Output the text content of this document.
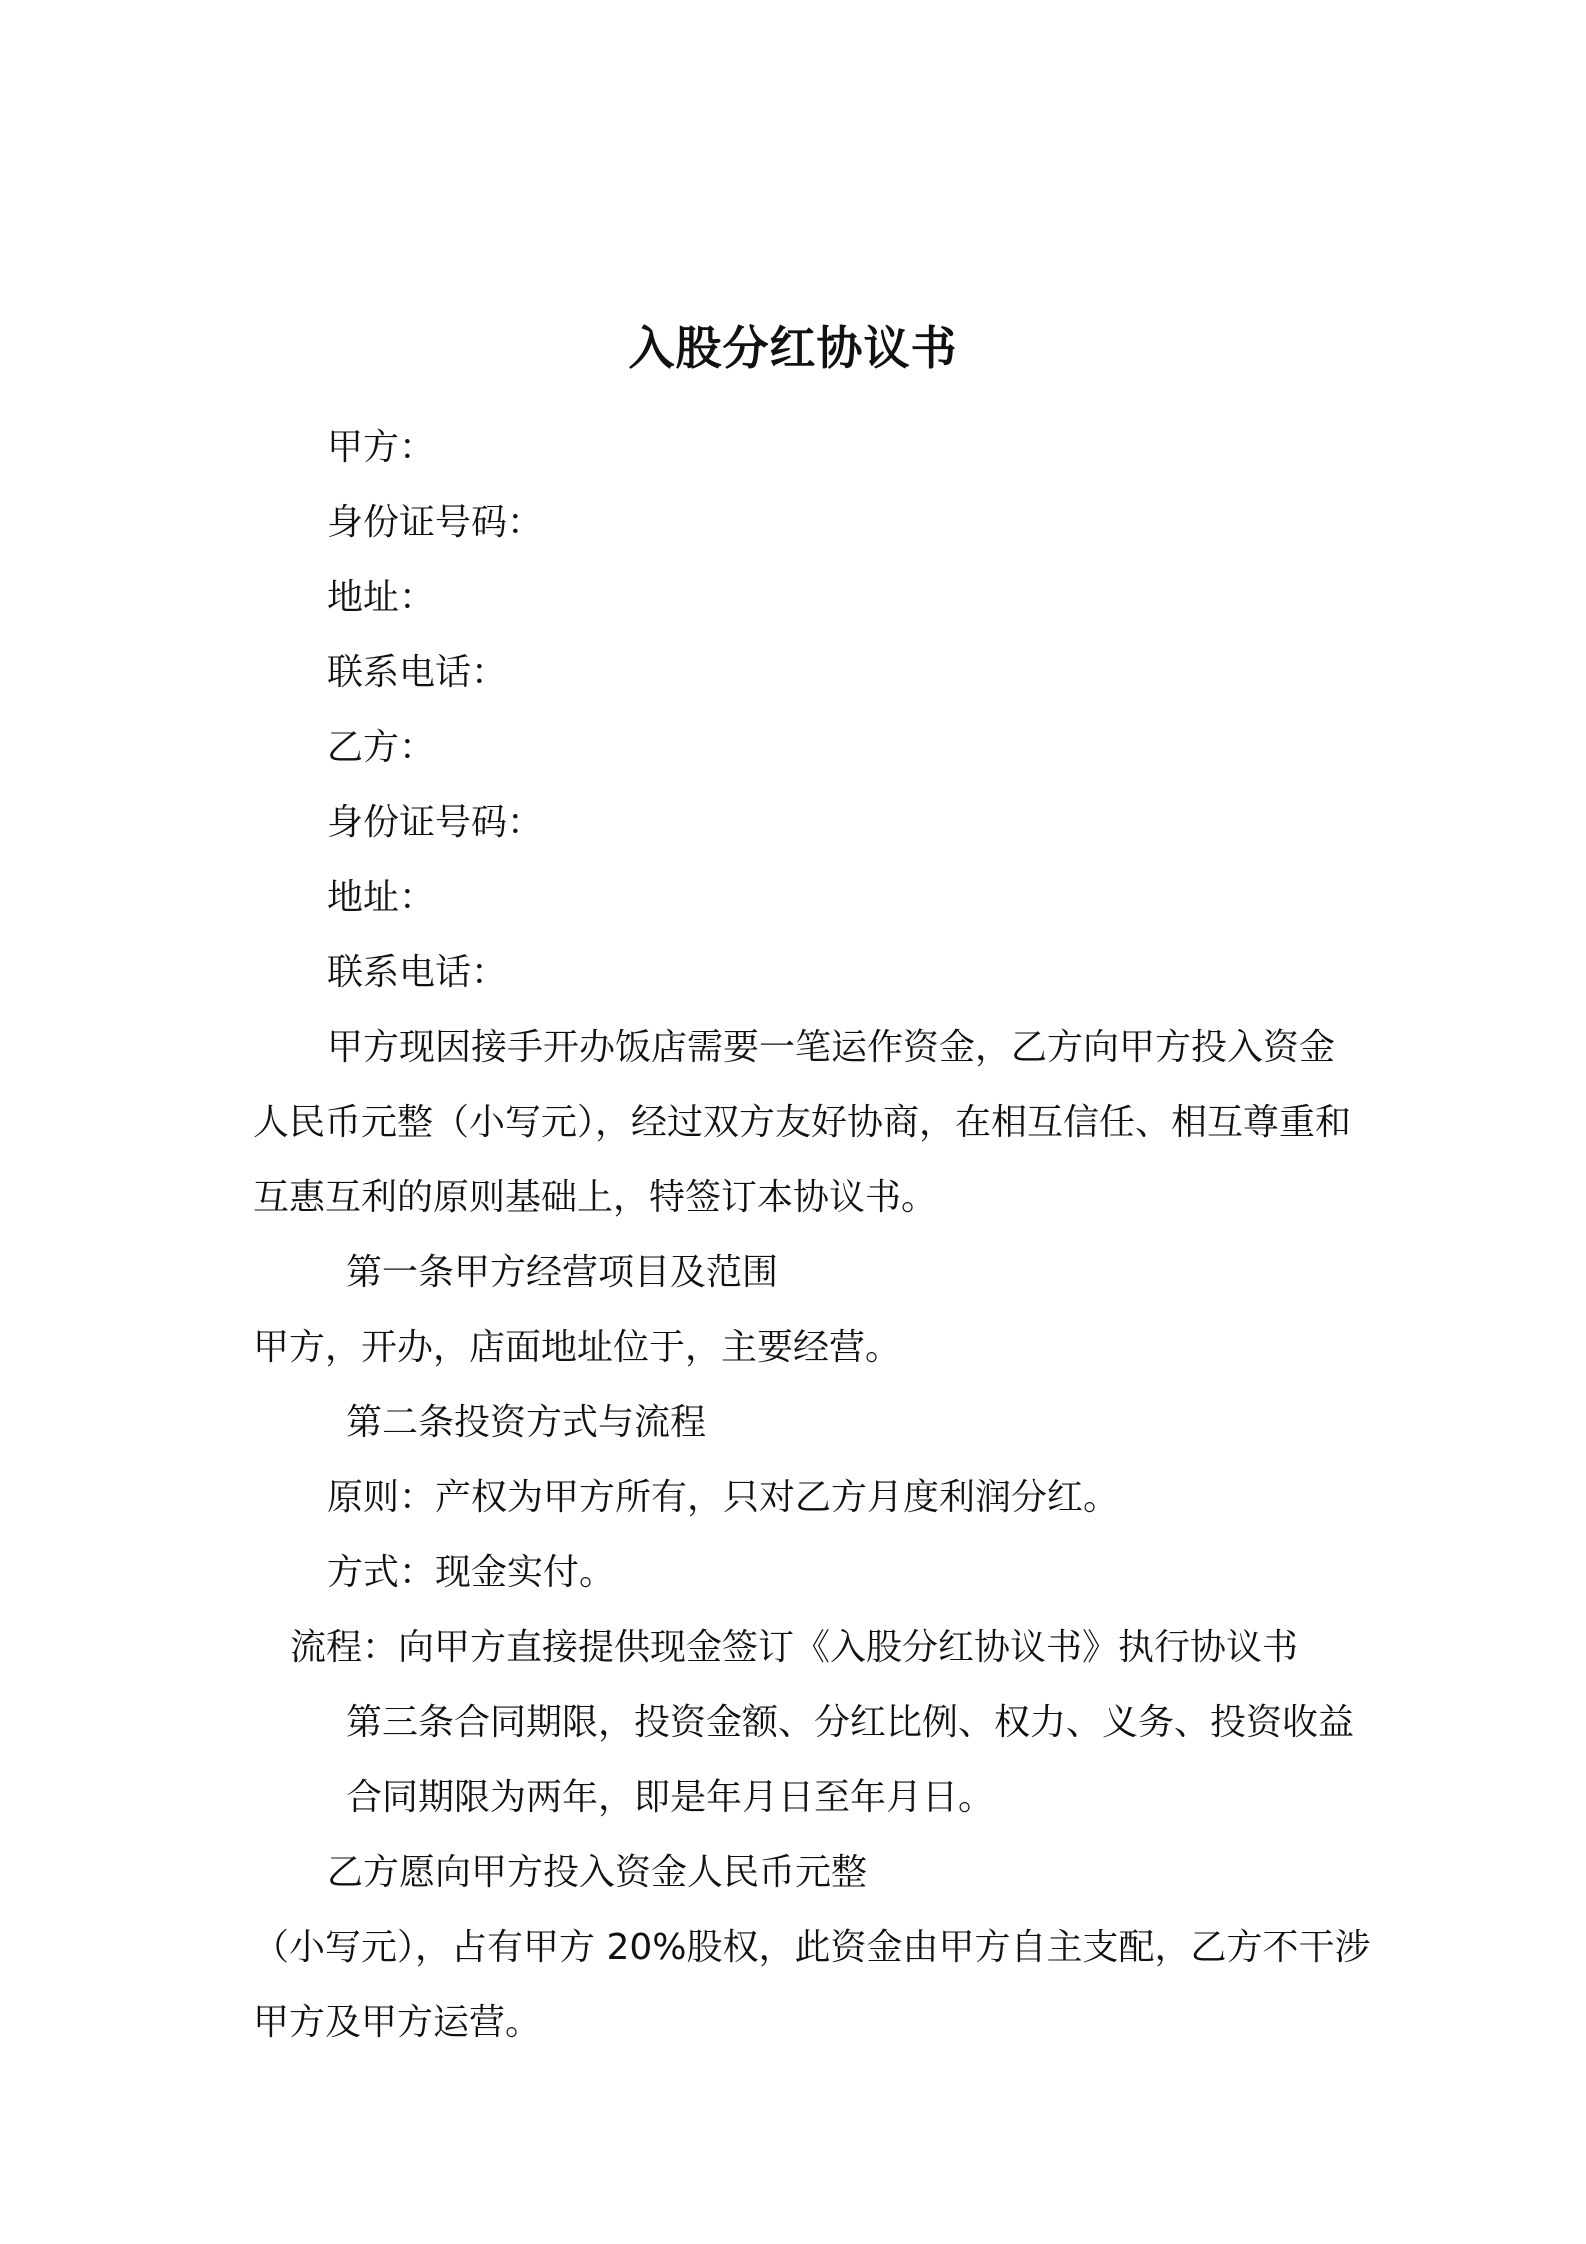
入股分红协议书
甲方：
身份证号码：
地址：
联系电话：
乙方：
身份证号码：
地址：
联系电话：
甲方现因接手开办饭店需要一笔运作资金，乙方向甲方投入资金
人民币元整（小写元），经过双方友好协商，在相互信任、相互尊重和
互惠互利的原则基础上，特签订本协议书。
第一条甲方经营项目及范围
甲方，开办，店面地址位于，主要经营。
第二条投资方式与流程
原则：产权为甲方所有，只对乙方月度利润分红。
方式：现金实付。
流程：向甲方直接提供现金签订《入股分红协议书》执行协议书
第三条合同期限，投资金额、分红比例、权力、义务、投资收益
合同期限为两年，即是年月日至年月日。
乙方愿向甲方投入资金人民币元整
（小写元），占有甲方 20%股权，此资金由甲方自主支配，乙方不干涉
甲方及甲方运营。
